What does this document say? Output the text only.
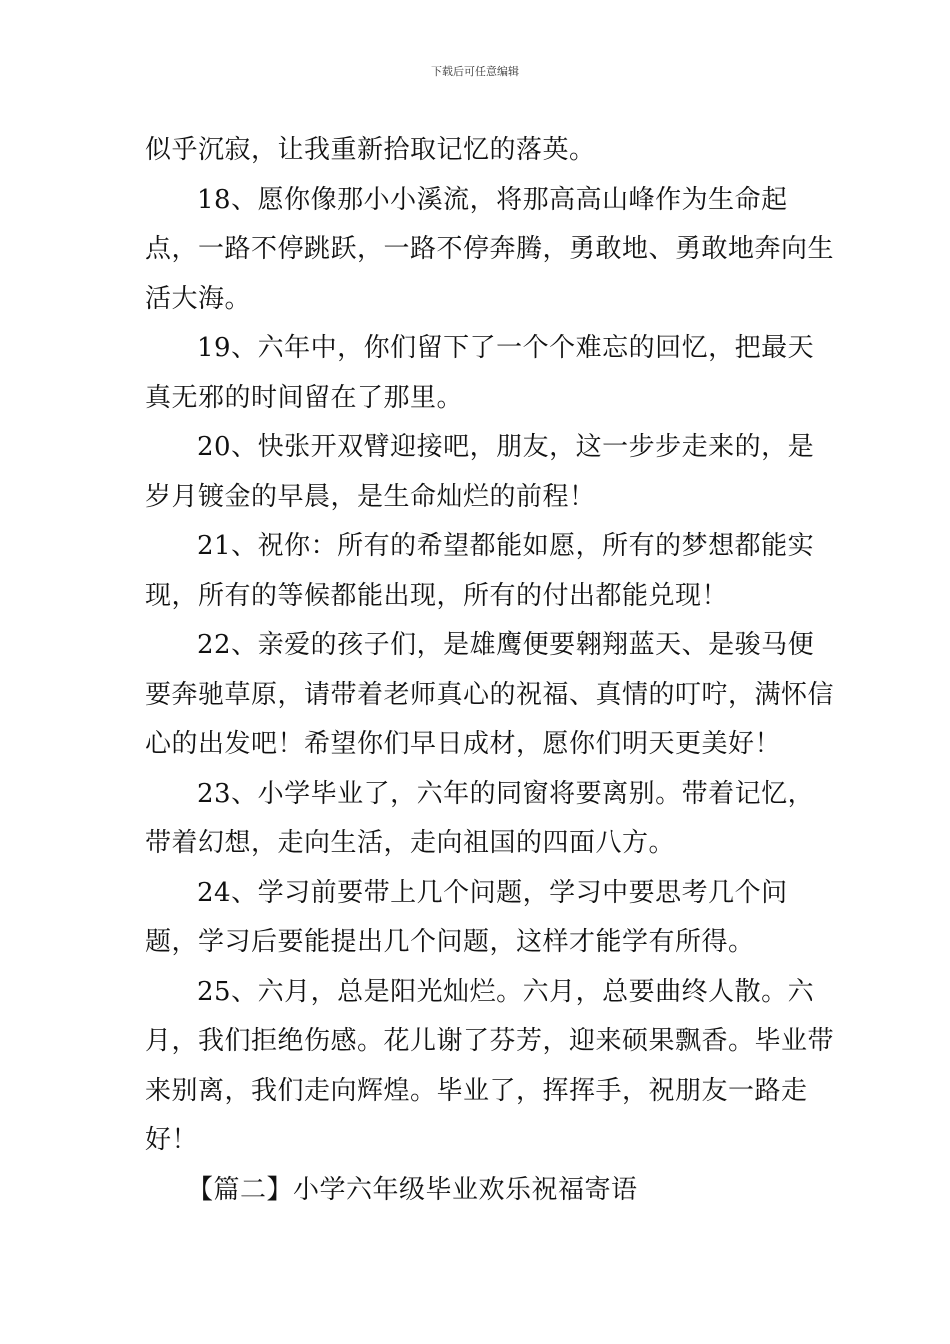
下载后可任意编辑

似乎沉寂，让我重新拾取记忆的落英。

18、愿你像那小小溪流，将那高高山峰作为生命起点，一路不停跳跃，一路不停奔腾，勇敢地、勇敢地奔向生活大海。

19、六年中，你们留下了一个个难忘的回忆，把最天真无邪的时间留在了那里。

20、快张开双臂迎接吧，朋友，这一步步走来的，是岁月镀金的早晨，是生命灿烂的前程！

21、祝你：所有的希望都能如愿，所有的梦想都能实现，所有的等候都能出现，所有的付出都能兑现！

22、亲爱的孩子们，是雄鹰便要翱翔蓝天、是骏马便要奔驰草原，请带着老师真心的祝福、真情的叮咛，满怀信心的出发吧！希望你们早日成材，愿你们明天更美好！

23、小学毕业了，六年的同窗将要离别。带着记忆，带着幻想，走向生活，走向祖国的四面八方。

24、学习前要带上几个问题，学习中要思考几个问题，学习后要能提出几个问题，这样才能学有所得。

25、六月，总是阳光灿烂。六月，总要曲终人散。六月，我们拒绝伤感。花儿谢了芬芳，迎来硕果飘香。毕业带来别离，我们走向辉煌。毕业了，挥挥手，祝朋友一路走好！

【篇二】小学六年级毕业欢乐祝福寄语
